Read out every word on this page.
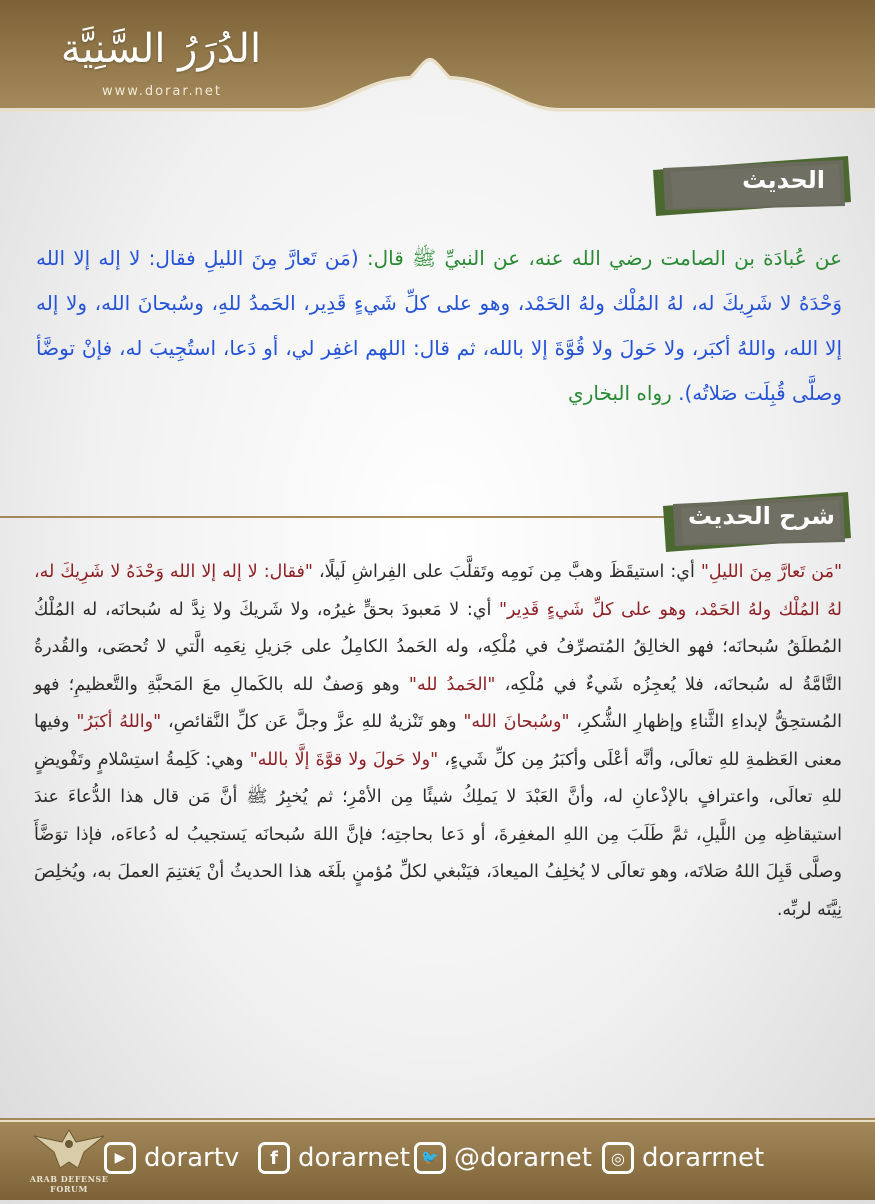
الدُرَرُ السَّنِيَّة
www.dorar.net
الحديث
عن عُبادَة بن الصامت رضي الله عنه، عن النبيِّ ﷺ قال: (مَن تَعارَّ مِنَ الليلِ فقال: لا إله إلا الله وَحْدَهُ لا شَرِيكَ له، لهُ المُلْك ولهُ الحَمْد، وهو على كلِّ شَيءٍ قَدِير، الحَمدُ للهِ، وسُبحانَ الله، ولا إله إلا الله، واللهُ أكبَر، ولا حَولَ ولا قُوَّةَ إلا بالله، ثم قال: اللهم اغفِر لي، أو دَعا، استُجِيبَ له، فإنْ توضَّأ وصلَّى قُبِلَت صَلاتُه). رواه البخاري
شرح الحديث
"مَن تَعارَّ مِنَ الليلِ" أي: استيقَظَ وهبَّ مِن نَومِه وتَقلَّبَ على الفِراشِ لَيلًا، "فقال: لا إله إلا الله وَحْدَهُ لا شَرِيكَ له، لهُ المُلْك ولهُ الحَمْد، وهو على كلِّ شَيءٍ قَدِير" أي: لا مَعبودَ بحقٍّ غيرُه، ولا شَريكَ ولا نِدَّ له سُبحانَه، له المُلْكُ المُطلَقُ سُبحانَه؛ فهو الخالِقُ المُتصرِّفُ في مُلْكِه، وله الحَمدُ الكامِلُ على جَزيلِ نِعَمِه الَّتي لا تُحصَى، والقُدرةُ التَّامَّةُ له سُبحانَه، فلا يُعجِزُه شَيءٌ في مُلْكِه، "الحَمدُ لله" وهو وَصفٌ لله بالكَمالِ معَ المَحبَّةِ والتَّعظيمِ؛ فهو المُستحِقُّ لإبداءِ الثَّناءِ وإظهارِ الشُّكرِ، "وسُبحانَ الله" وهو تَنْزيهٌ للهِ عزَّ وجلَّ عَن كلِّ النَّقائصِ، "واللهُ أكبَرُ" وفيها معنى العَظمةِ للهِ تعالَى، وأنَّه أعْلَى وأكبَرُ مِن كلِّ شَيءٍ، "ولا حَولَ ولا قوَّةَ إلَّا بالله" وهي: كَلِمةُ استِسْلامٍ وتَفْويضٍ للهِ تعالَى، واعترافٍ بالإذْعانِ له، وأنَّ العَبْدَ لا يَملِكُ شيئًا مِن الأمْرِ؛ ثم يُخبِرُ ﷺ أنَّ مَن قال هذا الدُّعاءَ عندَ استيقاظِه مِن اللَّيلِ، ثمَّ طَلَبَ مِن اللهِ المغفِرةَ، أو دَعا بحاجتِه؛ فإنَّ اللهَ سُبحانَه يَستجيبُ له دُعاءَه، فإذا توَضَّأَ وصلَّى قَبِلَ اللهُ صَلاتَه، وهو تعالَى لا يُخلِفُ الميعادَ، فيَنْبغي لكلِّ مُؤمنٍ بلَغَه هذا الحديثُ أنْ يَغتنِمَ العملَ به، ويُخلِصَ نِيَّتَه لربِّه.
ARAB DEFENSE FORUM
▶ dorartv	f dorarnet 🐦 @dorarnet	◎ dorarrnet
